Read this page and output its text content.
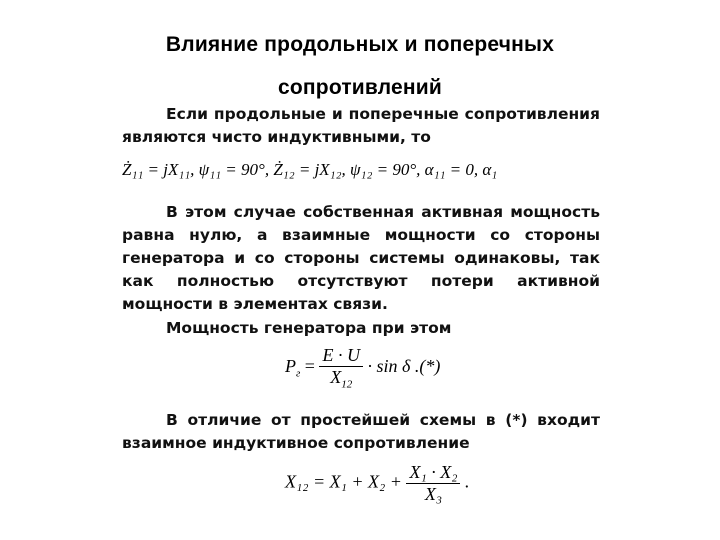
Влияние продольных и поперечных
сопротивлений
Если продольные и поперечные сопротивления являются чисто индуктивными, то
Ż₁₁ = jX₁₁, ψ₁₁ = 90°, Ż₁₂ = jX₁₂, ψ₁₂ = 90°, α₁₁ = 0, α₁
В этом случае собственная активная мощность равна нулю, а взаимные мощности со стороны генератора и со стороны системы одинаковы, так как полностью отсутствуют потери активной мощности в элементах связи.
Мощность генератора при этом
$P_г = \frac{E \cdot U}{X_{12}} \cdot \sin \delta$ .(*)
В отличие от простейшей схемы в (*) входит взаимное индуктивное сопротивление
$X_{12} = X_1 + X_2 + \frac{\text{X₁ · X₂}}{\text{X₃}}$ .
